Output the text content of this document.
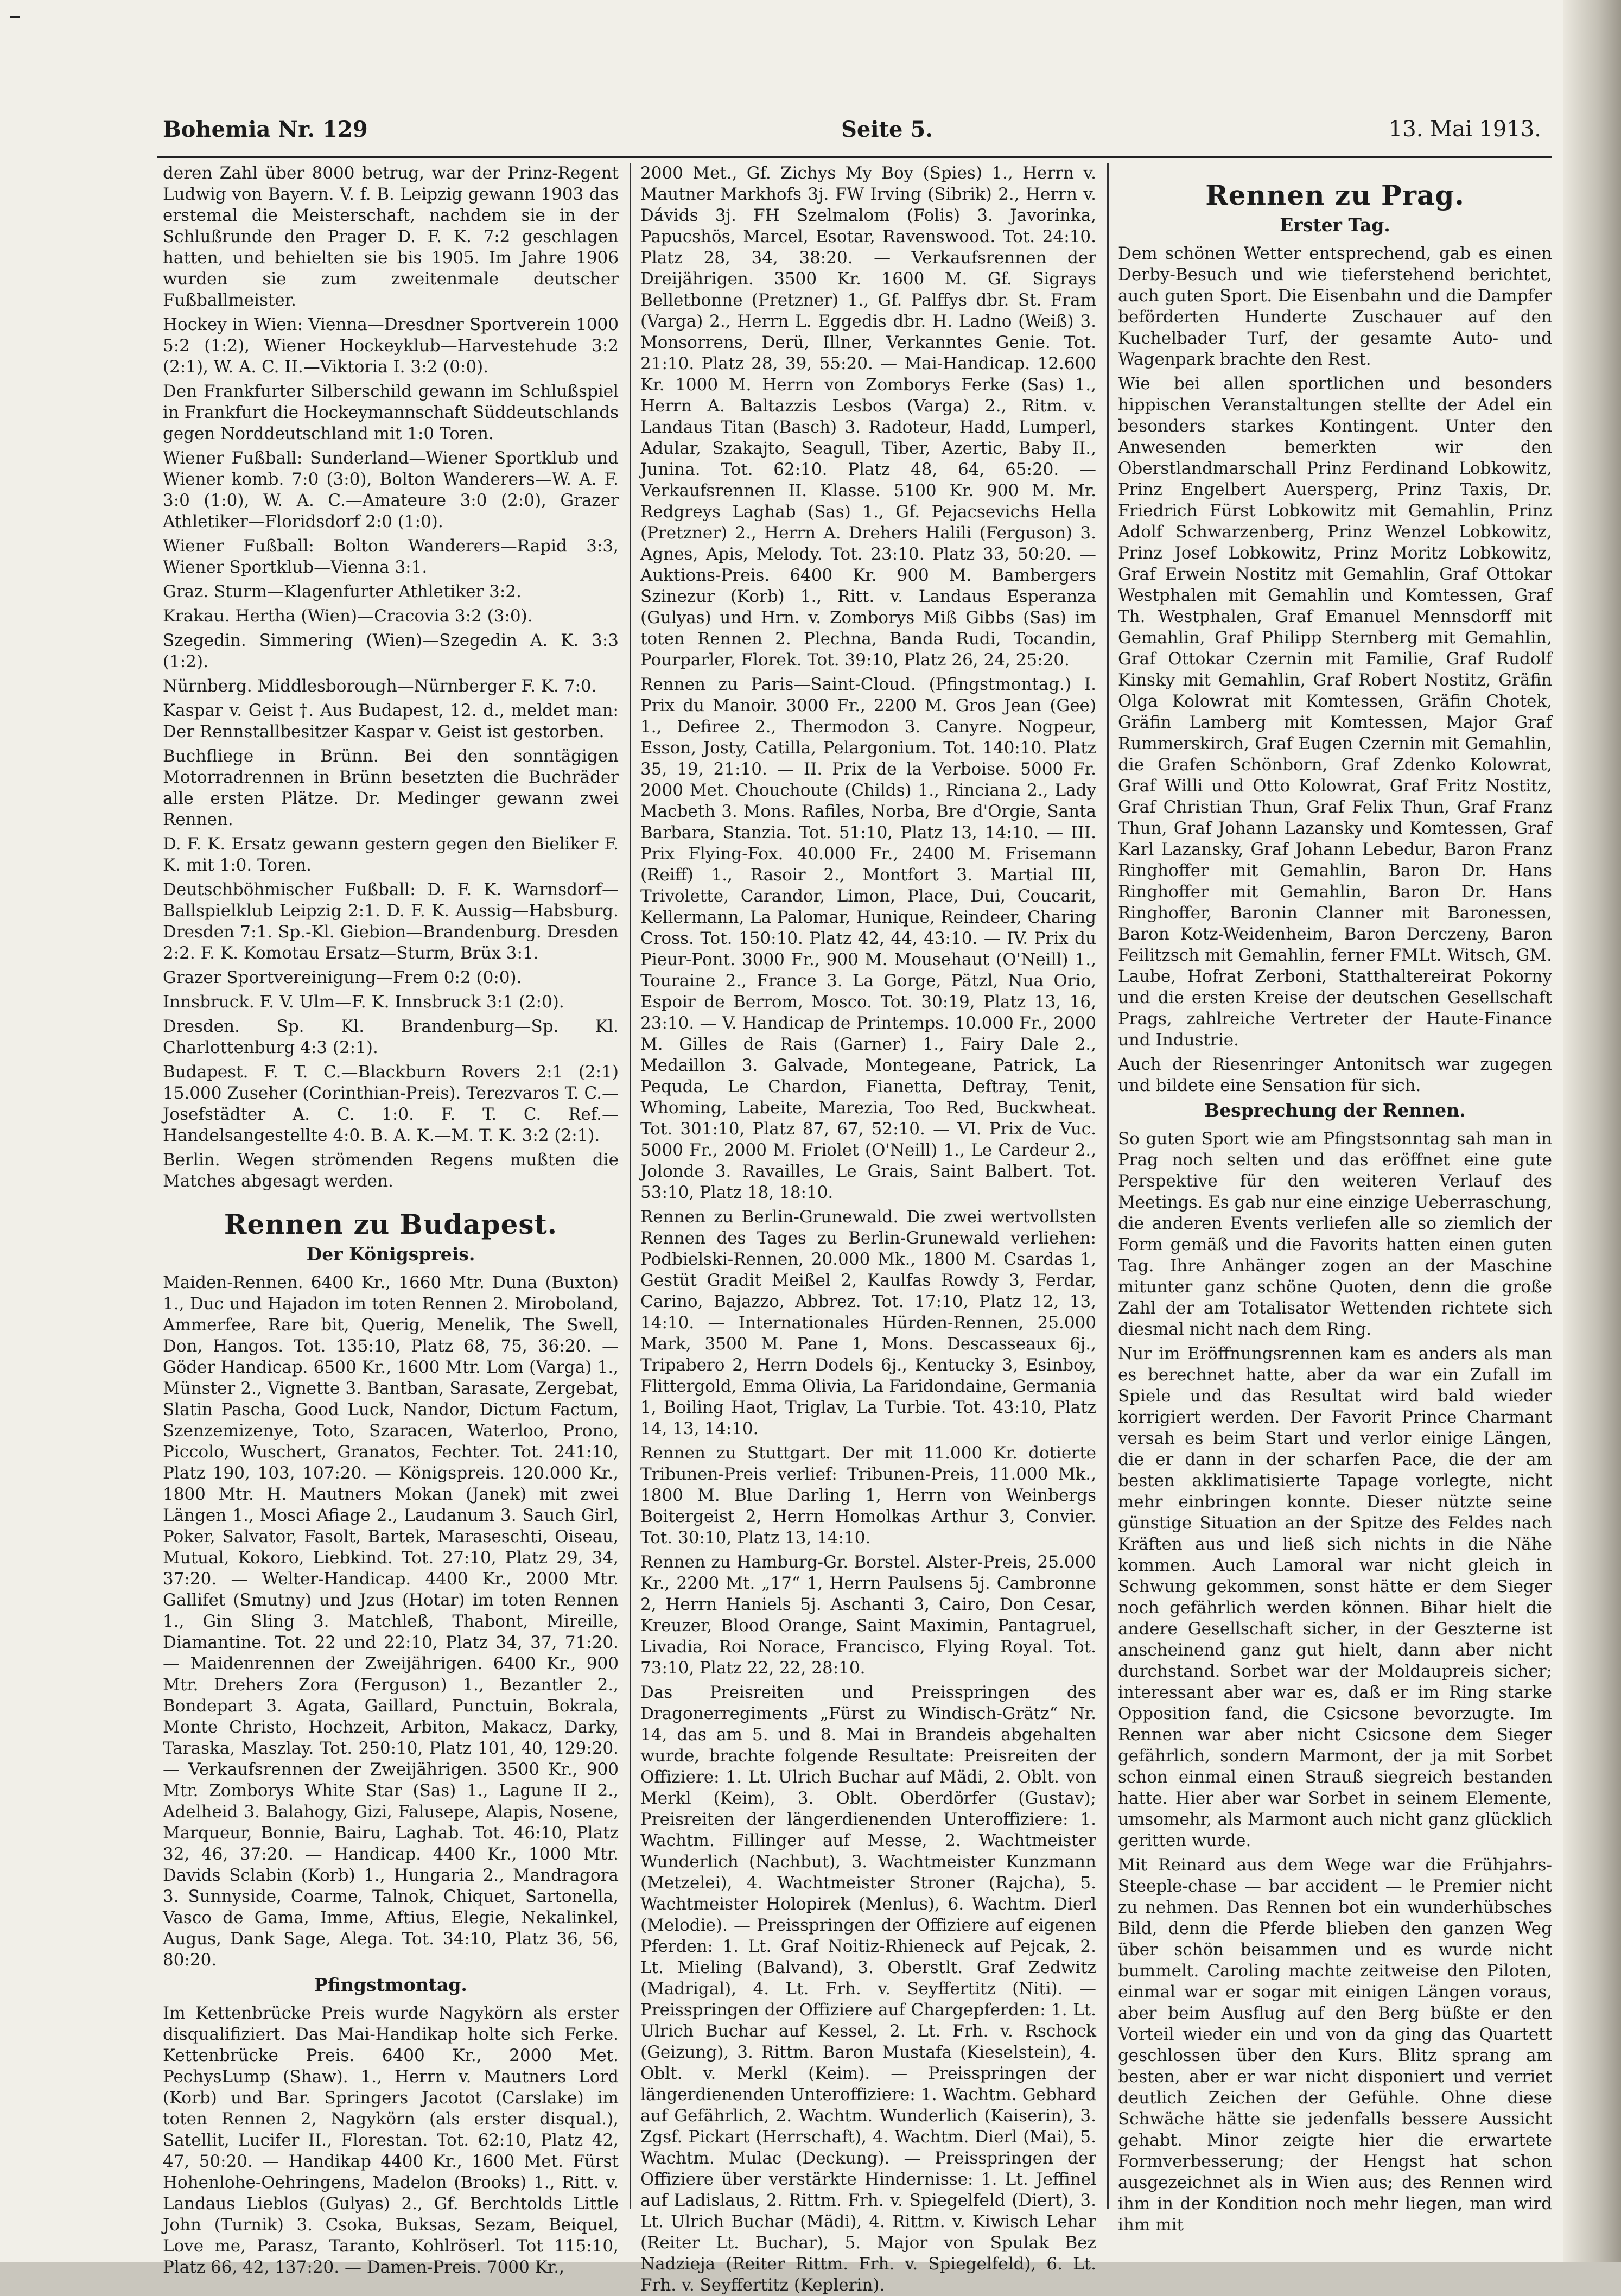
Bohemia Nr. 129	Seite 5.	13. Mai 1913.

deren Zahl über 8000 betrug, war der Prinz-Regent Ludwig von Bayern. V. f. B. Leipzig gewann 1903 das erstemal die Meisterschaft, nachdem sie in der Schlußrunde den Prager D. F. K. 7:2 geschlagen hatten, und behielten sie bis 1905. Im Jahre 1906 wurden sie zum zweitenmale deutscher Fußballmeister.

Hockey in Wien: Vienna—Dresdner Sportverein 1000 5:2 (1:2), Wiener Hockeyklub—Harvestehude 3:2 (2:1), W. A. C. II.—Viktoria I. 3:2 (0:0).

Den Frankfurter Silberschild gewann im Schlußspiel in Frankfurt die Hockeymannschaft Süddeutschlands gegen Norddeutschland mit 1:0 Toren.

Wiener Fußball: Sunderland—Wiener Sportklub und Wiener komb. 7:0 (3:0), Bolton Wanderers—W. A. F. 3:0 (1:0), W. A. C.—Amateure 3:0 (2:0), Grazer Athletiker—Floridsdorf 2:0 (1:0).

Wiener Fußball: Bolton Wanderers—Rapid 3:3, Wiener Sportklub—Vienna 3:1.

Graz. Sturm—Klagenfurter Athletiker 3:2.

Krakau. Hertha (Wien)—Cracovia 3:2 (3:0).

Szegedin. Simmering (Wien)—Szegedin A. K. 3:3 (1:2).

Nürnberg. Middlesborough—Nürnberger F. K. 7:0.

Kaspar v. Geist †. Aus Budapest, 12. d., meldet man: Der Rennstallbesitzer Kaspar v. Geist ist gestorben.

Buchfliege in Brünn. Bei den sonntägigen Motorradrennen in Brünn besetzten die Buchräder alle ersten Plätze. Dr. Medinger gewann zwei Rennen.

D. F. K. Ersatz gewann gestern gegen den Bieliker F. K. mit 1:0. Toren.

Deutschböhmischer Fußball: D. F. K. Warnsdorf—Ballspielklub Leipzig 2:1. D. F. K. Aussig—Habsburg. Dresden 7:1. Sp.-Kl. Giebion—Brandenburg. Dresden 2:2. F. K. Komotau Ersatz—Sturm, Brüx 3:1.

Grazer Sportvereinigung—Frem 0:2 (0:0).

Innsbruck. F. V. Ulm—F. K. Innsbruck 3:1 (2:0).

Dresden. Sp. Kl. Brandenburg—Sp. Kl. Charlottenburg 4:3 (2:1).

Budapest. F. T. C.—Blackburn Rovers 2:1 (2:1) 15.000 Zuseher (Corinthian-Preis). Terezvaros T. C.—Josefstädter A. C. 1:0. F. T. C. Ref.—Handelsangestellte 4:0. B. A. K.—M. T. K. 3:2 (2:1).

Berlin. Wegen strömenden Regens mußten die Matches abgesagt werden.

Rennen zu Budapest.
Der Königspreis.

Maiden-Rennen. 6400 Kr., 1660 Mtr. Duna (Buxton) 1., Duc und Hajadon im toten Rennen 2. Miroboland, Ammerfee, Rare bit, Querig, Menelik, The Swell, Don, Hangos. Tot. 135:10, Platz 68, 75, 36:20. — Göder Handicap. 6500 Kr., 1600 Mtr. Lom (Varga) 1., Münster 2., Vignette 3. Bantban, Sarasate, Zergebat, Slatin Pascha, Good Luck, Nandor, Dictum Factum, Szenzemizenye, Toto, Szaracen, Waterloo, Prono, Piccolo, Wuschert, Granatos, Fechter. Tot. 241:10, Platz 190, 103, 107:20. — Königspreis. 120.000 Kr., 1800 Mtr. H. Mautners Mokan (Janek) mit zwei Längen 1., Mosci Afiage 2., Laudanum 3. Sauch Girl, Poker, Salvator, Fasolt, Bartek, Maraseschti, Oiseau, Mutual, Kokoro, Liebkind. Tot. 27:10, Platz 29, 34, 37:20. — Welter-Handicap. 4400 Kr., 2000 Mtr. Gallifet (Smutny) und Jzus (Hotar) im toten Rennen 1., Gin Sling 3. Matchleß, Thabont, Mireille, Diamantine. Tot. 22 und 22:10, Platz 34, 37, 71:20. — Maidenrennen der Zweijährigen. 6400 Kr., 900 Mtr. Drehers Zora (Ferguson) 1., Bezantler 2., Bondepart 3. Agata, Gaillard, Punctuin, Bokrala, Monte Christo, Hochzeit, Arbiton, Makacz, Darky, Taraska, Maszlay. Tot. 250:10, Platz 101, 40, 129:20. — Verkaufsrennen der Zweijährigen. 3500 Kr., 900 Mtr. Zomborys White Star (Sas) 1., Lagune II 2., Adelheid 3. Balahogy, Gizi, Falusepe, Alapis, Nosene, Marqueur, Bonnie, Bairu, Laghab. Tot. 46:10, Platz 32, 46, 37:20. — Handicap. 4400 Kr., 1000 Mtr. Davids Sclabin (Korb) 1., Hungaria 2., Mandragora 3. Sunnyside, Coarme, Talnok, Chiquet, Sartonella, Vasco de Gama, Imme, Aftius, Elegie, Nekalinkel, Augus, Dank Sage, Alega. Tot. 34:10, Platz 36, 56, 80:20.

Pfingstmontag.

Im Kettenbrücke Preis wurde Nagykörn als erster disqualifiziert. Das Mai-Handikap holte sich Ferke. Kettenbrücke Preis. 6400 Kr., 2000 Met. PechysLump (Shaw). 1., Herrn v. Mautners Lord (Korb) und Bar. Springers Jacotot (Carslake) im toten Rennen 2, Nagykörn (als erster disqual.), Satellit, Lucifer II., Florestan. Tot. 62:10, Platz 42, 47, 50:20. — Handikap 4400 Kr., 1600 Met. Fürst Hohenlohe-Oehringens, Madelon (Brooks) 1., Ritt. v. Landaus Lieblos (Gulyas) 2., Gf. Berchtolds Little John (Turnik) 3. Csoka, Buksas, Sezam, Beiquel, Love me, Parasz, Taranto, Kohlröserl. Tot 115:10, Platz 66, 42, 137:20. — Damen-Preis. 7000 Kr.,

2000 Met., Gf. Zichys My Boy (Spies) 1., Herrn v. Mautner Markhofs 3j. FW Irving (Sibrik) 2., Herrn v. Dávids 3j. FH Szelmalom (Folis) 3. Javorinka, Papucshös, Marcel, Esotar, Ravenswood. Tot. 24:10. Platz 28, 34, 38:20. — Verkaufsrennen der Dreijährigen. 3500 Kr. 1600 M. Gf. Sigrays Belletbonne (Pretzner) 1., Gf. Palffys dbr. St. Fram (Varga) 2., Herrn L. Eggedis dbr. H. Ladno (Weiß) 3. Monsorrens, Derü, Illner, Verkanntes Genie. Tot. 21:10. Platz 28, 39, 55:20. — Mai-Handicap. 12.600 Kr. 1000 M. Herrn von Zomborys Ferke (Sas) 1., Herrn A. Baltazzis Lesbos (Varga) 2., Ritm. v. Landaus Titan (Basch) 3. Radoteur, Hadd, Lumperl, Adular, Szakajto, Seagull, Tiber, Azertic, Baby II., Junina. Tot. 62:10. Platz 48, 64, 65:20. — Verkaufsrennen II. Klasse. 5100 Kr. 900 M. Mr. Redgreys Laghab (Sas) 1., Gf. Pejacsevichs Hella (Pretzner) 2., Herrn A. Drehers Halili (Ferguson) 3. Agnes, Apis, Melody. Tot. 23:10. Platz 33, 50:20. — Auktions-Preis. 6400 Kr. 900 M. Bambergers Szinezur (Korb) 1., Ritt. v. Landaus Esperanza (Gulyas) und Hrn. v. Zomborys Miß Gibbs (Sas) im toten Rennen 2. Plechna, Banda Rudi, Tocandin, Pourparler, Florek. Tot. 39:10, Platz 26, 24, 25:20.

Rennen zu Paris—Saint-Cloud. (Pfingstmontag.) I. Prix du Manoir. 3000 Fr., 2200 M. Gros Jean (Gee) 1., Defiree 2., Thermodon 3. Canyre. Nogpeur, Esson, Josty, Catilla, Pelargonium. Tot. 140:10. Platz 35, 19, 21:10. — II. Prix de la Verboise. 5000 Fr. 2000 Met. Chouchoute (Childs) 1., Rinciana 2., Lady Macbeth 3. Mons. Rafiles, Norba, Bre d'Orgie, Santa Barbara, Stanzia. Tot. 51:10, Platz 13, 14:10. — III. Prix Flying-Fox. 40.000 Fr., 2400 M. Frisemann (Reiff) 1., Rasoir 2., Montfort 3. Martial III, Trivolette, Carandor, Limon, Place, Dui, Coucarit, Kellermann, La Palomar, Hunique, Reindeer, Charing Cross. Tot. 150:10. Platz 42, 44, 43:10. — IV. Prix du Pieur-Pont. 3000 Fr., 900 M. Mousehaut (O'Neill) 1., Touraine 2., France 3. La Gorge, Pätzl, Nua Orio, Espoir de Berrom, Mosco. Tot. 30:19, Platz 13, 16, 23:10. — V. Handicap de Printemps. 10.000 Fr., 2000 M. Gilles de Rais (Garner) 1., Fairy Dale 2., Medaillon 3. Galvade, Montegeane, Patrick, La Pequda, Le Chardon, Fianetta, Deftray, Tenit, Whoming, Labeite, Marezia, Too Red, Buckwheat. Tot. 301:10, Platz 87, 67, 52:10. — VI. Prix de Vuc. 5000 Fr., 2000 M. Friolet (O'Neill) 1., Le Cardeur 2., Jolonde 3. Ravailles, Le Grais, Saint Balbert. Tot. 53:10, Platz 18, 18:10.

Rennen zu Berlin-Grunewald. Die zwei wertvollsten Rennen des Tages zu Berlin-Grunewald verliehen: Podbielski-Rennen, 20.000 Mk., 1800 M. Csardas 1, Gestüt Gradit Meißel 2, Kaulfas Rowdy 3, Ferdar, Carino, Bajazzo, Abbrez. Tot. 17:10, Platz 12, 13, 14:10. — Internationales Hürden-Rennen, 25.000 Mark, 3500 M. Pane 1, Mons. Descasseaux 6j., Tripabero 2, Herrn Dodels 6j., Kentucky 3, Esinboy, Flittergold, Emma Olivia, La Faridondaine, Germania 1, Boiling Haot, Triglav, La Turbie. Tot. 43:10, Platz 14, 13, 14:10.

Rennen zu Stuttgart. Der mit 11.000 Kr. dotierte Tribunen-Preis verlief: Tribunen-Preis, 11.000 Mk., 1800 M. Blue Darling 1, Herrn von Weinbergs Boitergeist 2, Herrn Homolkas Arthur 3, Convier. Tot. 30:10, Platz 13, 14:10.

Rennen zu Hamburg-Gr. Borstel. Alster-Preis, 25.000 Kr., 2200 Mt. „17“ 1, Herrn Paulsens 5j. Cambronne 2, Herrn Haniels 5j. Aschanti 3, Cairo, Don Cesar, Kreuzer, Blood Orange, Saint Maximin, Pantagruel, Livadia, Roi Norace, Francisco, Flying Royal. Tot. 73:10, Platz 22, 22, 28:10.

Das Preisreiten und Preisspringen des Dragonerregiments „Fürst zu Windisch-Grätz“ Nr. 14, das am 5. und 8. Mai in Brandeis abgehalten wurde, brachte folgende Resultate: Preisreiten der Offiziere: 1. Lt. Ulrich Buchar auf Mädi, 2. Oblt. von Merkl (Keim), 3. Oblt. Oberdörfer (Gustav); Preisreiten der längerdienenden Unteroffiziere: 1. Wachtm. Fillinger auf Messe, 2. Wachtmeister Wunderlich (Nachbut), 3. Wachtmeister Kunzmann (Metzelei), 4. Wachtmeister Stroner (Rajcha), 5. Wachtmeister Holopirek (Menlus), 6. Wachtm. Dierl (Melodie). — Preisspringen der Offiziere auf eigenen Pferden: 1. Lt. Graf Noitiz-Rhieneck auf Pejcak, 2. Lt. Mieling (Balvand), 3. Oberstlt. Graf Zedwitz (Madrigal), 4. Lt. Frh. v. Seyffertitz (Niti). — Preisspringen der Offiziere auf Chargepferden: 1. Lt. Ulrich Buchar auf Kessel, 2. Lt. Frh. v. Rschock (Geizung), 3. Rittm. Baron Mustafa (Kieselstein), 4. Oblt. v. Merkl (Keim). — Preisspringen der längerdienenden Unteroffiziere: 1. Wachtm. Gebhard auf Gefährlich, 2. Wachtm. Wunderlich (Kaiserin), 3. Zgsf. Pickart (Herrschaft), 4. Wachtm. Dierl (Mai), 5. Wachtm. Mulac (Deckung). — Preisspringen der Offiziere über verstärkte Hindernisse: 1. Lt. Jeffinel auf Ladislaus, 2. Rittm. Frh. v. Spiegelfeld (Diert), 3. Lt. Ulrich Buchar (Mädi), 4. Rittm. v. Kiwisch Lehar (Reiter Lt. Buchar), 5. Major von Spulak Bez Nadzieja (Reiter Rittm. Frh. v. Spiegelfeld), 6. Lt. Frh. v. Seyffertitz (Keplerin).

Rennen zu Prag.
Erster Tag.

Dem schönen Wetter entsprechend, gab es einen Derby-Besuch und wie tieferstehend berichtet, auch guten Sport. Die Eisenbahn und die Dampfer beförderten Hunderte Zuschauer auf den Kuchelbader Turf, der gesamte Auto- und Wagenpark brachte den Rest.

Wie bei allen sportlichen und besonders hippischen Veranstaltungen stellte der Adel ein besonders starkes Kontingent. Unter den Anwesenden bemerkten wir den Oberstlandmarschall Prinz Ferdinand Lobkowitz, Prinz Engelbert Auersperg, Prinz Taxis, Dr. Friedrich Fürst Lobkowitz mit Gemahlin, Prinz Adolf Schwarzenberg, Prinz Wenzel Lobkowitz, Prinz Josef Lobkowitz, Prinz Moritz Lobkowitz, Graf Erwein Nostitz mit Gemahlin, Graf Ottokar Westphalen mit Gemahlin und Komtessen, Graf Th. Westphalen, Graf Emanuel Mennsdorff mit Gemahlin, Graf Philipp Sternberg mit Gemahlin, Graf Ottokar Czernin mit Familie, Graf Rudolf Kinsky mit Gemahlin, Graf Robert Nostitz, Gräfin Olga Kolowrat mit Komtessen, Gräfin Chotek, Gräfin Lamberg mit Komtessen, Major Graf Rummerskirch, Graf Eugen Czernin mit Gemahlin, die Grafen Schönborn, Graf Zdenko Kolowrat, Graf Willi und Otto Kolowrat, Graf Fritz Nostitz, Graf Christian Thun, Graf Felix Thun, Graf Franz Thun, Graf Johann Lazansky und Komtessen, Graf Karl Lazansky, Graf Johann Lebedur, Baron Franz Ringhoffer mit Gemahlin, Baron Dr. Hans Ringhoffer mit Gemahlin, Baron Dr. Hans Ringhoffer, Baronin Clanner mit Baronessen, Baron Kotz-Weidenheim, Baron Derczeny, Baron Feilitzsch mit Gemahlin, ferner FMLt. Witsch, GM. Laube, Hofrat Zerboni, Statthaltereirat Pokorny und die ersten Kreise der deutschen Gesellschaft Prags, zahlreiche Vertreter der Haute-Finance und Industrie.

Auch der Riesenringer Antonitsch war zugegen und bildete eine Sensation für sich.

Besprechung der Rennen.

So guten Sport wie am Pfingstsonntag sah man in Prag noch selten und das eröffnet eine gute Perspektive für den weiteren Verlauf des Meetings. Es gab nur eine einzige Ueberraschung, die anderen Events verliefen alle so ziemlich der Form gemäß und die Favorits hatten einen guten Tag. Ihre Anhänger zogen an der Maschine mitunter ganz schöne Quoten, denn die große Zahl der am Totalisator Wettenden richtete sich diesmal nicht nach dem Ring.

Nur im Eröffnungsrennen kam es anders als man es berechnet hatte, aber da war ein Zufall im Spiele und das Resultat wird bald wieder korrigiert werden. Der Favorit Prince Charmant versah es beim Start und verlor einige Längen, die er dann in der scharfen Pace, die der am besten akklimatisierte Tapage vorlegte, nicht mehr einbringen konnte. Dieser nützte seine günstige Situation an der Spitze des Feldes nach Kräften aus und ließ sich nichts in die Nähe kommen. Auch Lamoral war nicht gleich in Schwung gekommen, sonst hätte er dem Sieger noch gefährlich werden können. Bihar hielt die andere Gesellschaft sicher, in der Geszterne ist anscheinend ganz gut hielt, dann aber nicht durchstand. Sorbet war der Moldaupreis sicher; interessant aber war es, daß er im Ring starke Opposition fand, die Csicsone bevorzugte. Im Rennen war aber nicht Csicsone dem Sieger gefährlich, sondern Marmont, der ja mit Sorbet schon einmal einen Strauß siegreich bestanden hatte. Hier aber war Sorbet in seinem Elemente, umsomehr, als Marmont auch nicht ganz glücklich geritten wurde.

Mit Reinard aus dem Wege war die Frühjahrs-Steeple-chase — bar accident — le Premier nicht zu nehmen. Das Rennen bot ein wunderhübsches Bild, denn die Pferde blieben den ganzen Weg über schön beisammen und es wurde nicht bummelt. Caroling machte zeitweise den Piloten, einmal war er sogar mit einigen Längen voraus, aber beim Ausflug auf den Berg büßte er den Vorteil wieder ein und von da ging das Quartett geschlossen über den Kurs. Blitz sprang am besten, aber er war nicht disponiert und verriet deutlich Zeichen der Gefühle. Ohne diese Schwäche hätte sie jedenfalls bessere Aussicht gehabt. Minor zeigte hier die erwartete Formverbesserung; der Hengst hat schon ausgezeichnet als in Wien aus; des Rennen wird ihm in der Kondition noch mehr liegen, man wird ihm mit
